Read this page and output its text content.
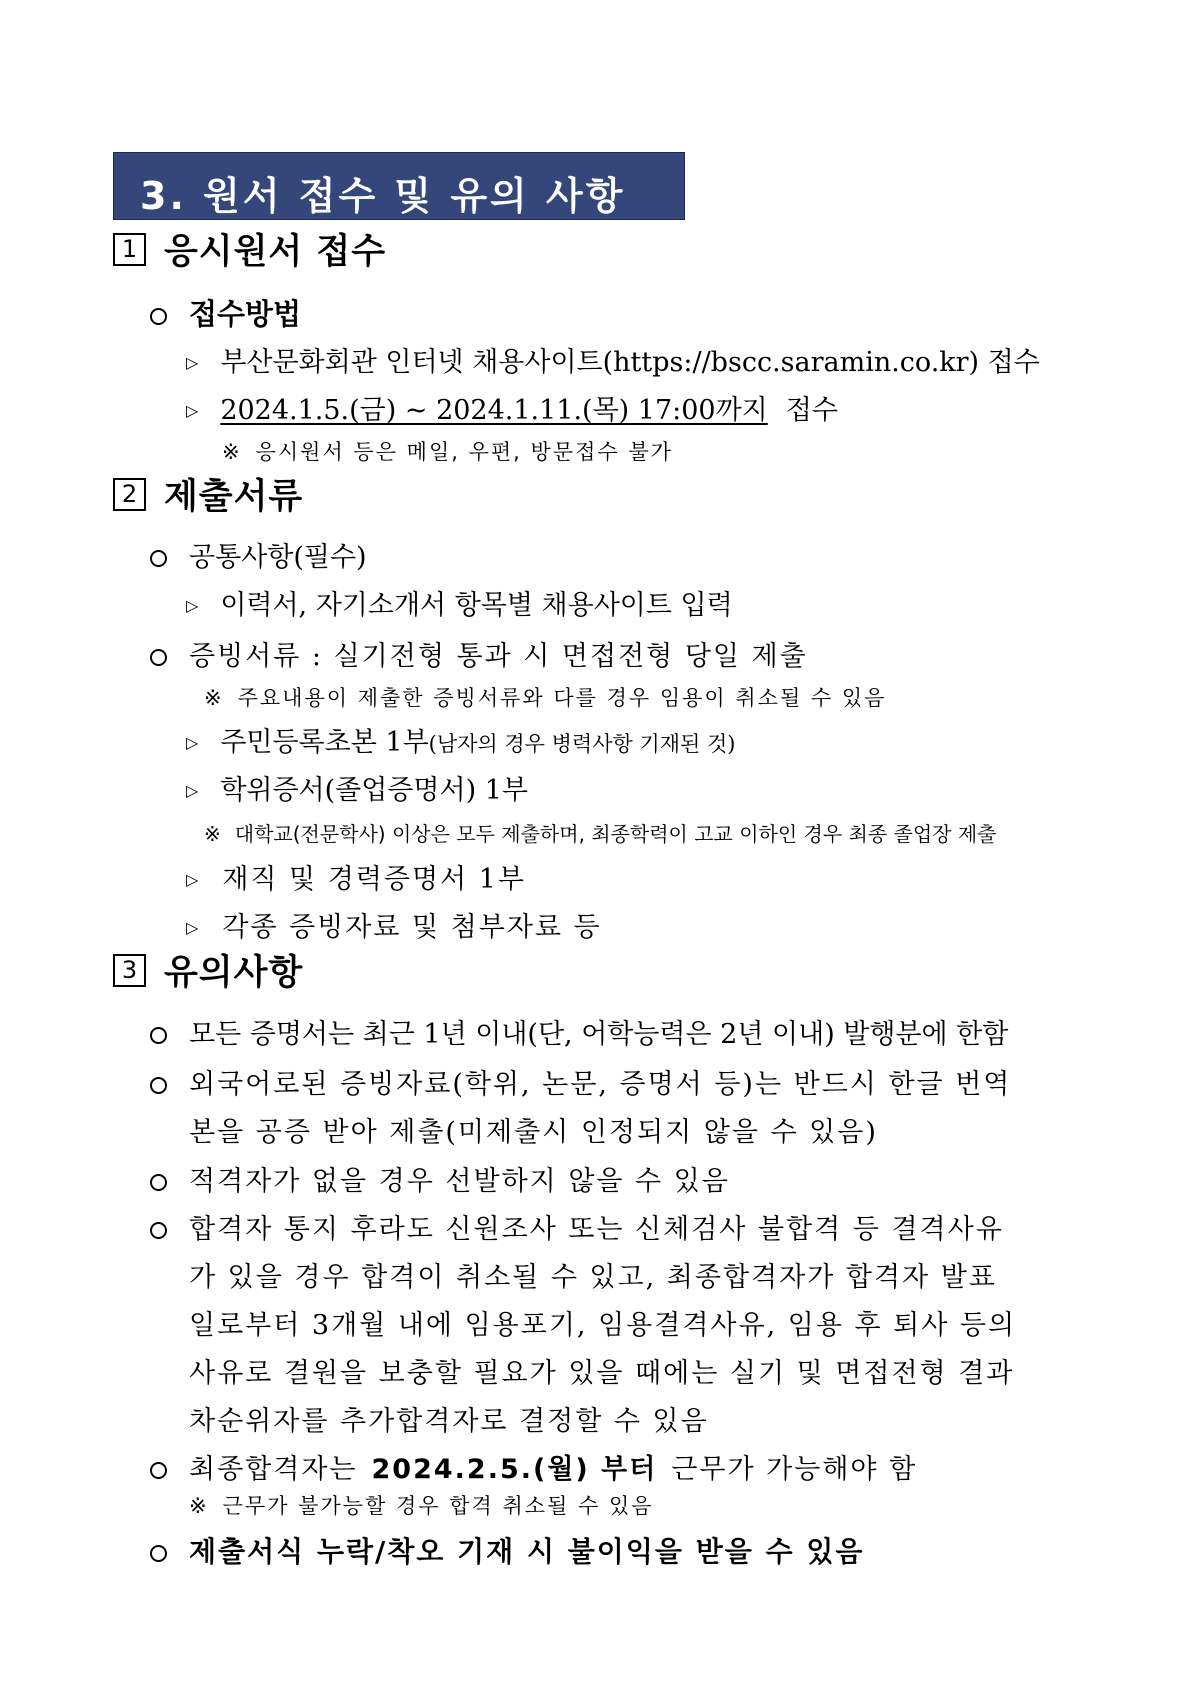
3. 원서 접수 및 유의 사항
1 응시원서 접수
접수방법
▷ 부산문화회관 인터넷 채용사이트(https://bscc.saramin.co.kr) 접수
▷ 2024.1.5.(금) ~ 2024.1.11.(목) 17:00까지 접수
※ 응시원서 등은 메일, 우편, 방문접수 불가
2 제출서류
공통사항(필수)
▷ 이력서, 자기소개서 항목별 채용사이트 입력
증빙서류 : 실기전형 통과 시 면접전형 당일 제출
※ 주요내용이 제출한 증빙서류와 다를 경우 임용이 취소될 수 있음
▷ 주민등록초본 1부 (남자의 경우 병력사항 기재된 것)
▷ 학위증서(졸업증명서) 1부
※ 대학교(전문학사) 이상은 모두 제출하며, 최종학력이 고교 이하인 경우 최종 졸업장 제출
▷ 재직 및 경력증명서 1부
▷ 각종 증빙자료 및 첨부자료 등
3 유의사항
모든 증명서는 최근 1년 이내(단, 어학능력은 2년 이내) 발행분에 한함
외국어로된 증빙자료(학위, 논문, 증명서 등)는 반드시 한글 번역
본을 공증 받아 제출(미제출시 인정되지 않을 수 있음)
적격자가 없을 경우 선발하지 않을 수 있음
합격자 통지 후라도 신원조사 또는 신체검사 불합격 등 결격사유
가 있을 경우 합격이 취소될 수 있고, 최종합격자가 합격자 발표
일로부터 3개월 내에 임용포기, 임용결격사유, 임용 후 퇴사 등의
사유로 결원을 보충할 필요가 있을 때에는 실기 및 면접전형 결과
차순위자를 추가합격자로 결정할 수 있음
최종합격자는 2024.2.5.(월) 부터 근무가 가능해야 함
※ 근무가 불가능할 경우 합격 취소될 수 있음
제출서식 누락/착오 기재 시 불이익을 받을 수 있음
